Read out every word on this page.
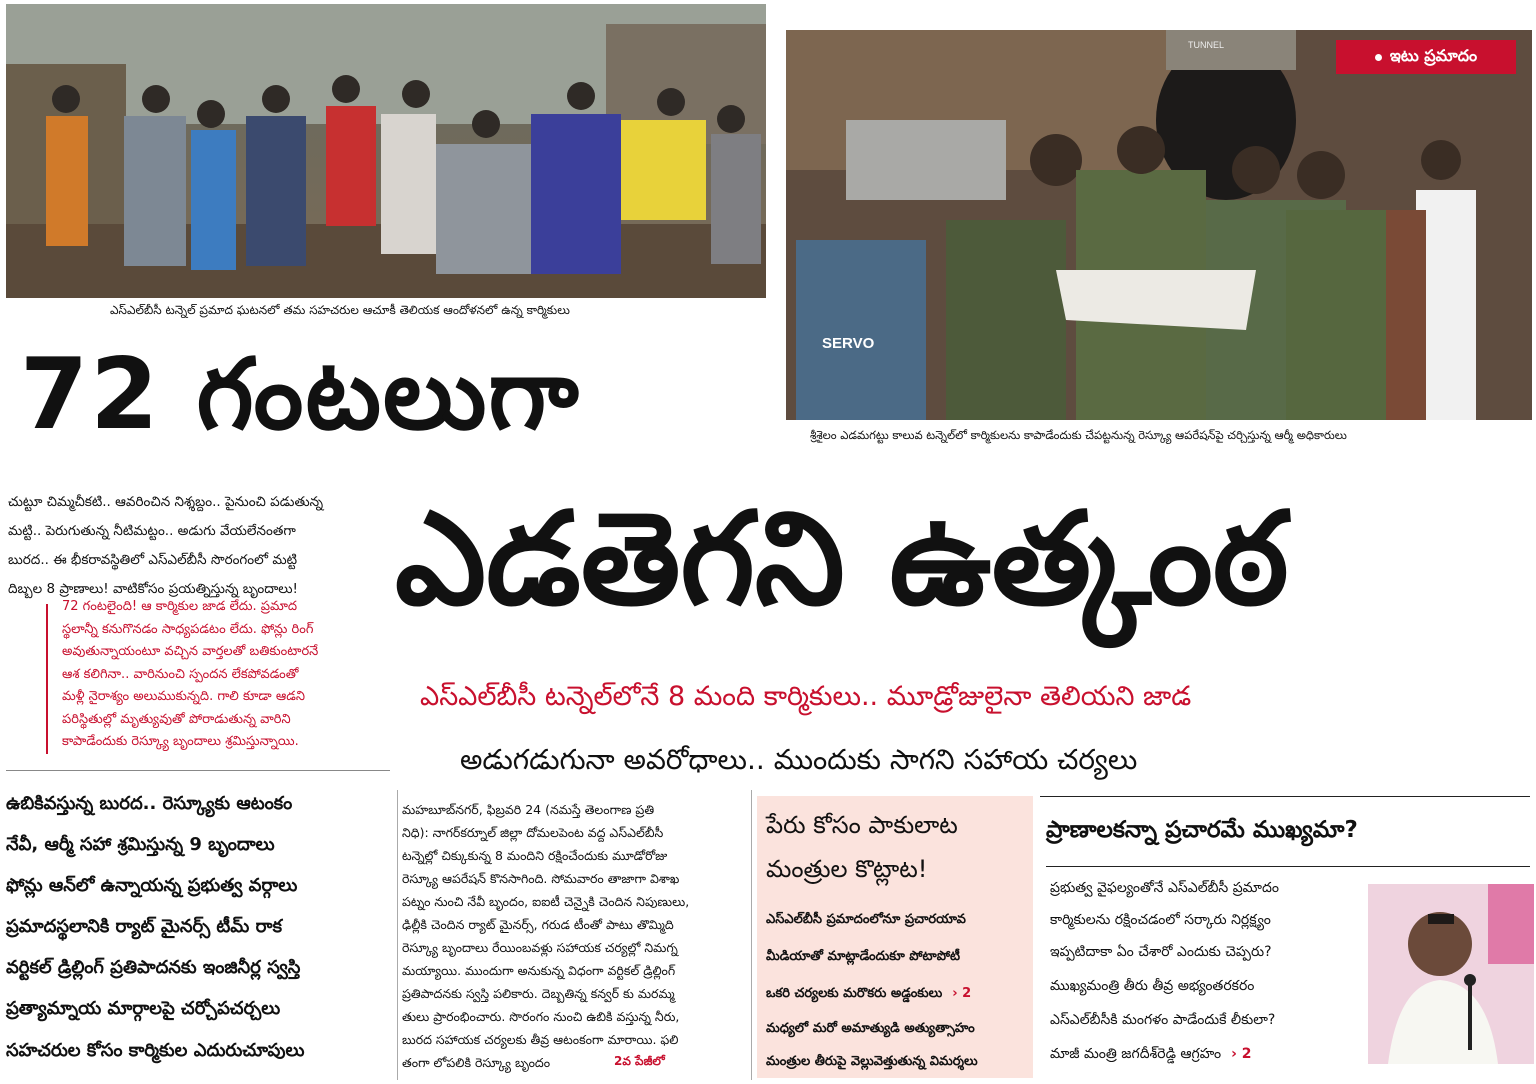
ఎస్ఎల్‌బీసీ టన్నెల్ ప్రమాద ఘటనలో తమ సహచరుల ఆచూకీ తెలియక ఆందోళనలో ఉన్న కార్మికులు
SERVO
TUNNEL
ఇటు ప్రమాదం
శ్రీశైలం ఎడమగట్టు కాలువ టన్నెల్‌లో కార్మికులను కాపాడేందుకు చేపట్టనున్న రెస్క్యూ ఆపరేషన్‌పై చర్చిస్తున్న ఆర్మీ అధికారులు
72 గంటలుగా
ఎడతెగని ఉత్కంఠ
ఎస్ఎల్‌బీసీ టన్నెల్‌లోనే 8 మంది కార్మికులు.. మూడ్రోజులైనా తెలియని జాడ
అడుగడుగునా అవరోధాలు.. ముందుకు సాగని సహాయ చర్యలు
చుట్టూ చిమ్మచీకటి.. ఆవరించిన నిశ్శబ్దం.. పైనుంచి పడుతున్న
మట్టి.. పెరుగుతున్న నీటిమట్టం.. అడుగు వేయలేనంతగా
బురద.. ఈ భీకరావస్థితిలో ఎస్ఎల్‌బీసీ సొరంగంలో మట్టి
దిబ్బల 8 ప్రాణాలు! వాటికోసం ప్రయత్నిస్తున్న బృందాలు!
72 గంటలైంది! ఆ కార్మికుల జాడ లేదు. ప్రమాద
స్థలాన్నీ కనుగొనడం సాధ్యపడటం లేదు. ఫోన్లు రింగ్
అవుతున్నాయంటూ వచ్చిన వార్తలతో బతికుంటారనే
ఆశ కలిగినా.. వారినుంచి స్పందన లేకపోవడంతో
మళ్లీ నైరాశ్యం అలుముకున్నది. గాలి కూడా ఆడని
పరిస్థితుల్లో మృత్యువుతో పోరాడుతున్న వారిని
కాపాడేందుకు రెస్క్యూ బృందాలు శ్రమిస్తున్నాయి.
ఉబికివస్తున్న బురద.. రెస్క్యూకు ఆటంకం
నేవీ, ఆర్మీ సహా శ్రమిస్తున్న 9 బృందాలు
ఫోన్లు ఆన్‌లో ఉన్నాయన్న ప్రభుత్వ వర్గాలు
ప్రమాదస్థలానికి ర్యాట్ మైనర్స్ టీమ్ రాక
వర్టికల్ డ్రిల్లింగ్ ప్రతిపాదనకు ఇంజినీర్ల స్వస్తి
ప్రత్యామ్నాయ మార్గాలపై చర్చోపచర్చలు
సహచరుల కోసం కార్మికుల ఎదురుచూపులు
మహబూబ్‌నగర్, ఫిబ్రవరి 24 (నమస్తే తెలంగాణ ప్రతి
నిధి): నాగర్‌కర్నూల్ జిల్లా దోమలపెంట వద్ద ఎస్ఎల్‌బీసీ
టన్నెల్లో చిక్కుకున్న 8 మందిని రక్షించేందుకు మూడోరోజు
రెస్క్యూ ఆపరేషన్ కొనసాగింది. సోమవారం తాజాగా విశాఖ
పట్నం నుంచి నేవీ బృందం, ఐఐటీ చెన్నైకి చెందిన నిపుణులు,
ఢిల్లీకి చెందిన ర్యాట్ మైనర్స్, గరుడ టీంతో పాటు తొమ్మిది
రెస్క్యూ బృందాలు రేయింబవళ్లు సహాయక చర్యల్లో నిమగ్న
మయ్యాయి. ముందుగా అనుకున్న విధంగా వర్టికల్ డ్రిల్లింగ్
ప్రతిపాదనకు స్వస్తి పలికారు. దెబ్బతిన్న కన్వర్‌ కు మరమ్మ
తులు ప్రారంభించారు. సొరంగం నుంచి ఉబికి వస్తున్న నీరు,
బురద సహాయక చర్యలకు తీవ్ర ఆటంకంగా మారాయి. ఫలి
తంగా లోపలికి రెస్క్యూ బృందం	2వ పేజీలో
పేరు కోసం పాకులాట
మంత్రుల కొట్లాట!
ఎస్ఎల్‌బీసీ ప్రమాదంలోనూ ప్రచారయావ
మీడియాతో మాట్లాడేందుకూ పోటాపోటీ
ఒకరి చర్యలకు మరొకరు అడ్డంకులు › 2
మధ్యలో మరో అమాత్యుడి అత్యుత్సాహం
మంత్రుల తీరుపై వెల్లువెత్తుతున్న విమర్శలు
ప్రాణాలకన్నా ప్రచారమే ముఖ్యమా?
ప్రభుత్వ వైఫల్యంతోనే ఎస్ఎల్‌బీసీ ప్రమాదం
కార్మికులను రక్షించడంలో సర్కారు నిర్లక్ష్యం
ఇప్పటిదాకా ఏం చేశారో ఎందుకు చెప్పరు?
ముఖ్యమంత్రి తీరు తీవ్ర అభ్యంతరకరం
ఎస్ఎల్‌బీసీకి మంగళం పాడేందుకే లీకులా?
మాజీ మంత్రి జగదీశ్‌రెడ్డి ఆగ్రహం › 2
